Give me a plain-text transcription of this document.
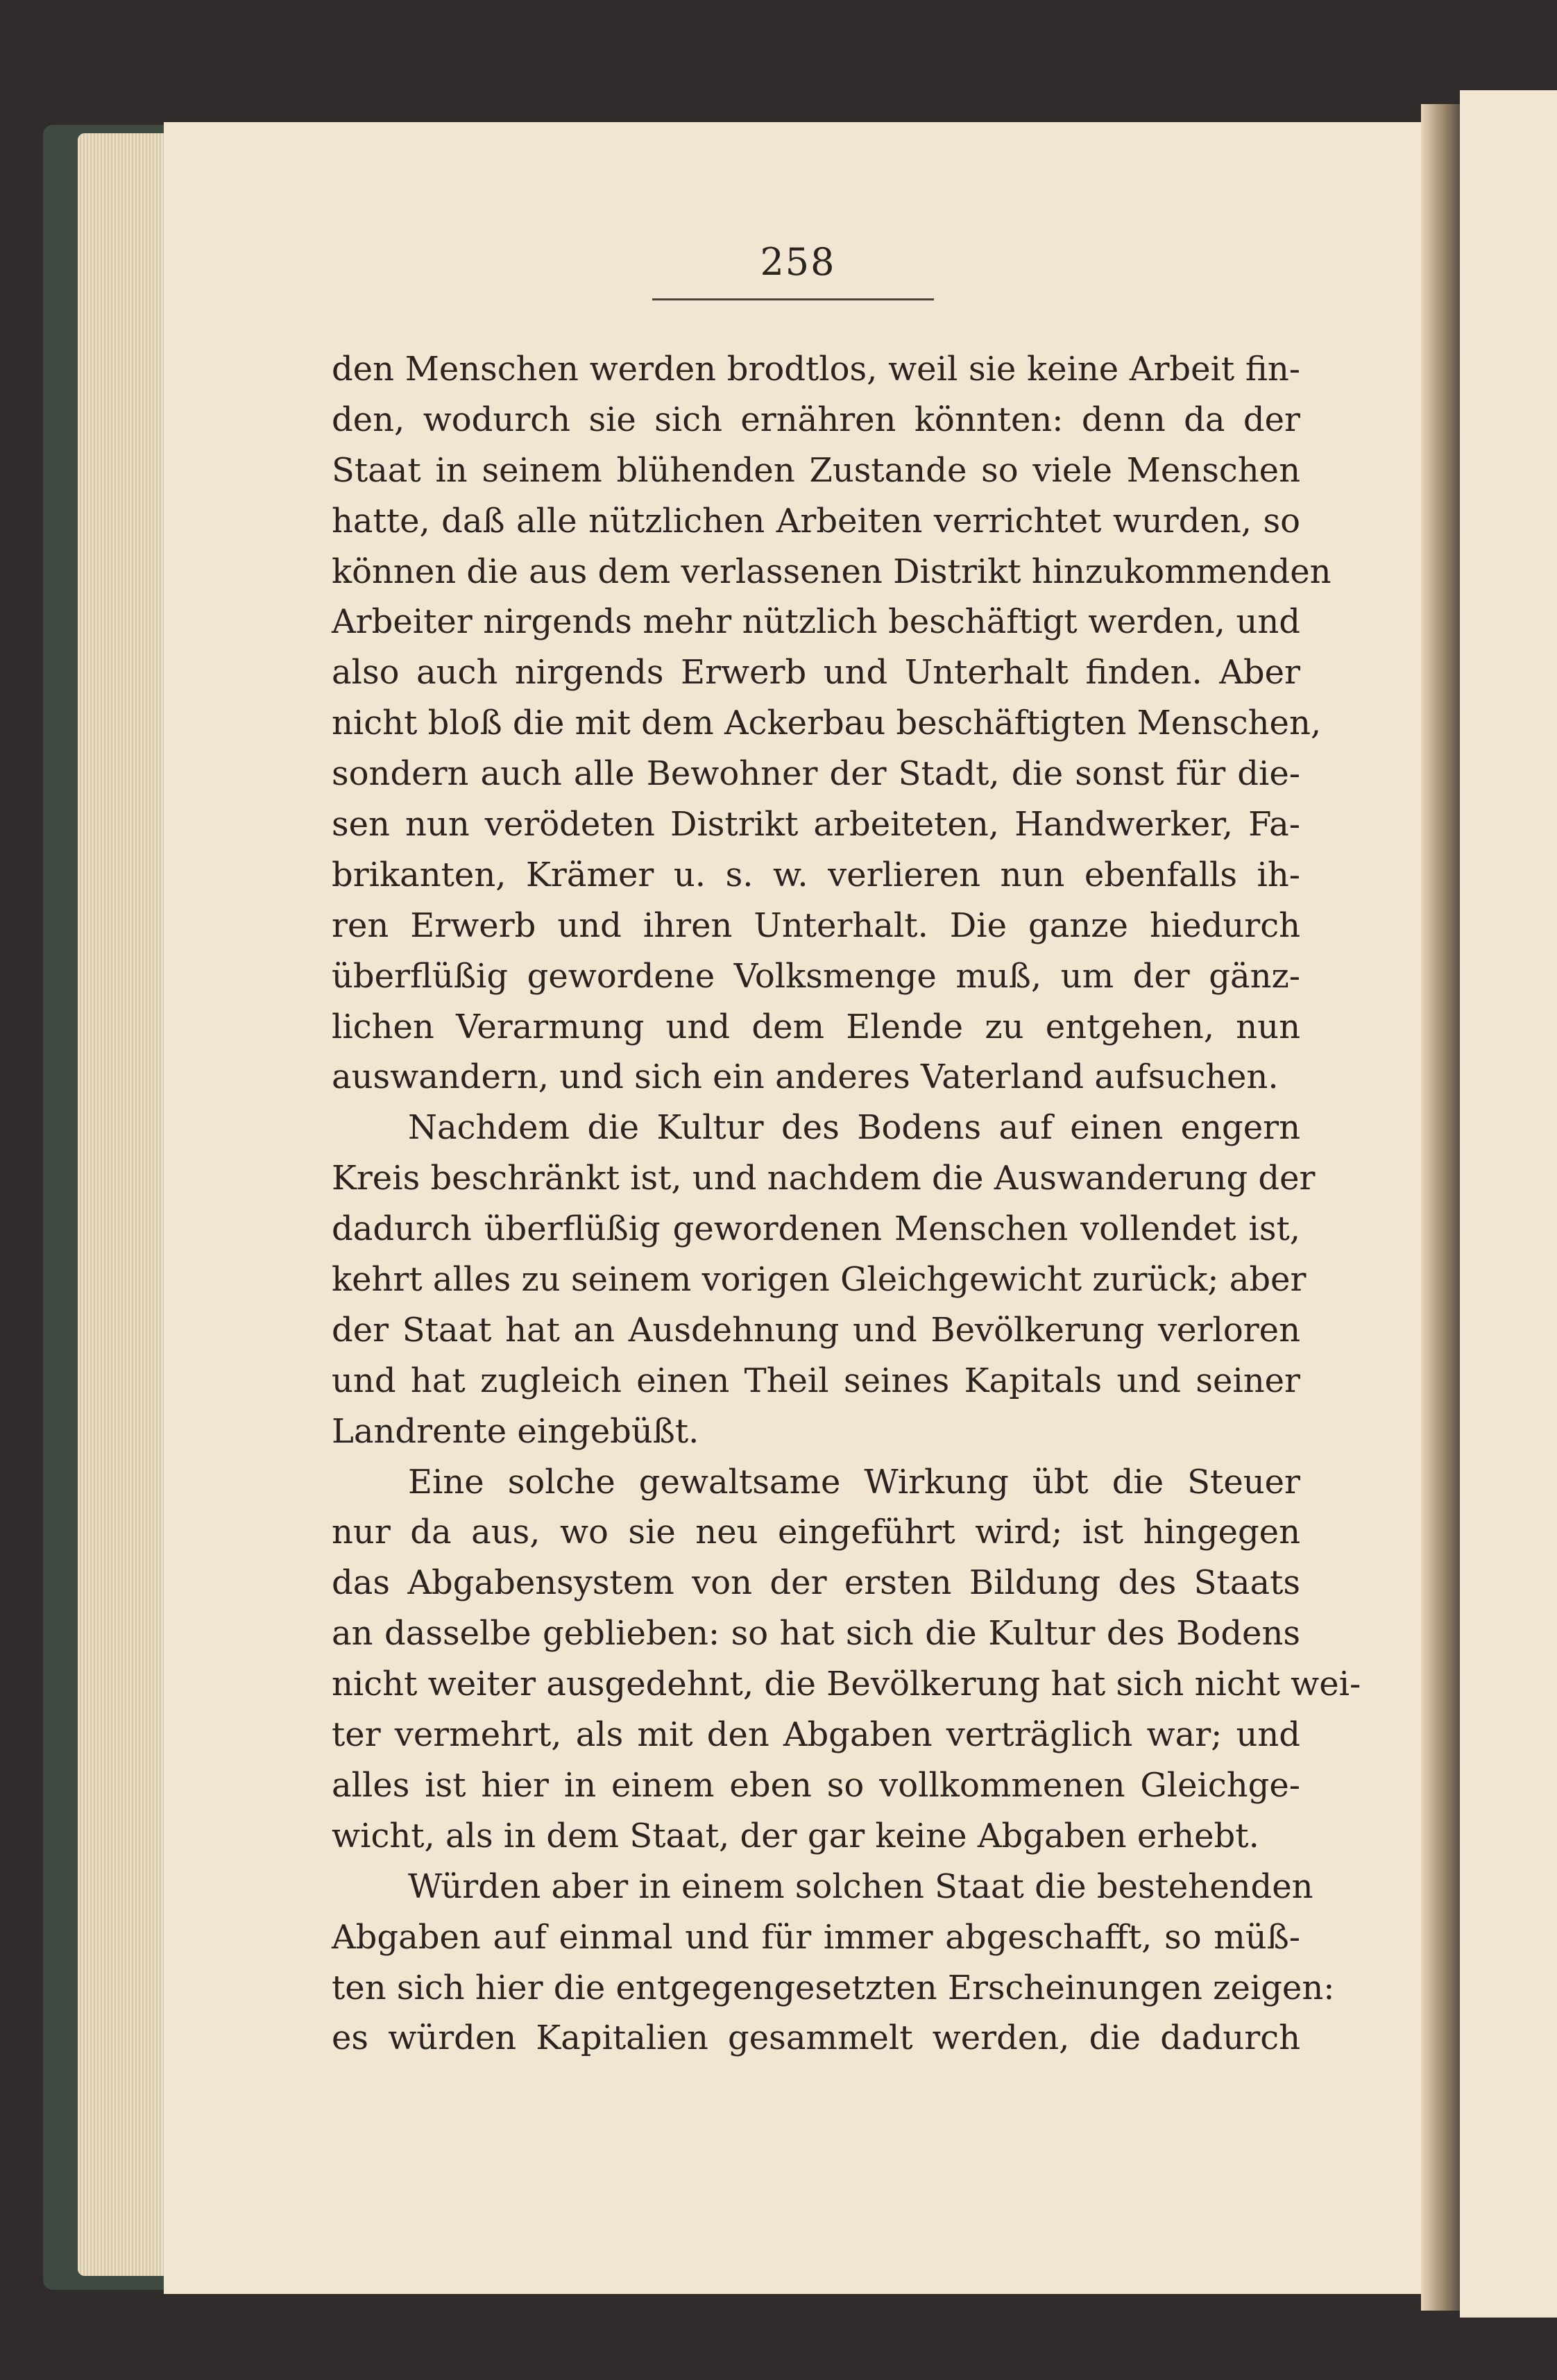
258
den Menschen werden brodtlos, weil sie keine Arbeit fin-
den, wodurch sie sich ernähren könnten: denn da der
Staat in seinem blühenden Zustande so viele Menschen
hatte, daß alle nützlichen Arbeiten verrichtet wurden, so
können die aus dem verlassenen Distrikt hinzukommenden
Arbeiter nirgends mehr nützlich beschäftigt werden, und
also auch nirgends Erwerb und Unterhalt finden. Aber
nicht bloß die mit dem Ackerbau beschäftigten Menschen,
sondern auch alle Bewohner der Stadt, die sonst für die-
sen nun verödeten Distrikt arbeiteten, Handwerker, Fa-
brikanten, Krämer u. s. w. verlieren nun ebenfalls ih-
ren Erwerb und ihren Unterhalt. Die ganze hiedurch
überflüßig gewordene Volksmenge muß, um der gänz-
lichen Verarmung und dem Elende zu entgehen, nun
auswandern, und sich ein anderes Vaterland aufsuchen.
Nachdem die Kultur des Bodens auf einen engern
Kreis beschränkt ist, und nachdem die Auswanderung der
dadurch überflüßig gewordenen Menschen vollendet ist,
kehrt alles zu seinem vorigen Gleichgewicht zurück; aber
der Staat hat an Ausdehnung und Bevölkerung verloren
und hat zugleich einen Theil seines Kapitals und seiner
Landrente eingebüßt.
Eine solche gewaltsame Wirkung übt die Steuer
nur da aus, wo sie neu eingeführt wird; ist hingegen
das Abgabensystem von der ersten Bildung des Staats
an dasselbe geblieben: so hat sich die Kultur des Bodens
nicht weiter ausgedehnt, die Bevölkerung hat sich nicht wei-
ter vermehrt, als mit den Abgaben verträglich war; und
alles ist hier in einem eben so vollkommenen Gleichge-
wicht, als in dem Staat, der gar keine Abgaben erhebt.
Würden aber in einem solchen Staat die bestehenden
Abgaben auf einmal und für immer abgeschafft, so müß-
ten sich hier die entgegengesetzten Erscheinungen zeigen:
es würden Kapitalien gesammelt werden, die dadurch
